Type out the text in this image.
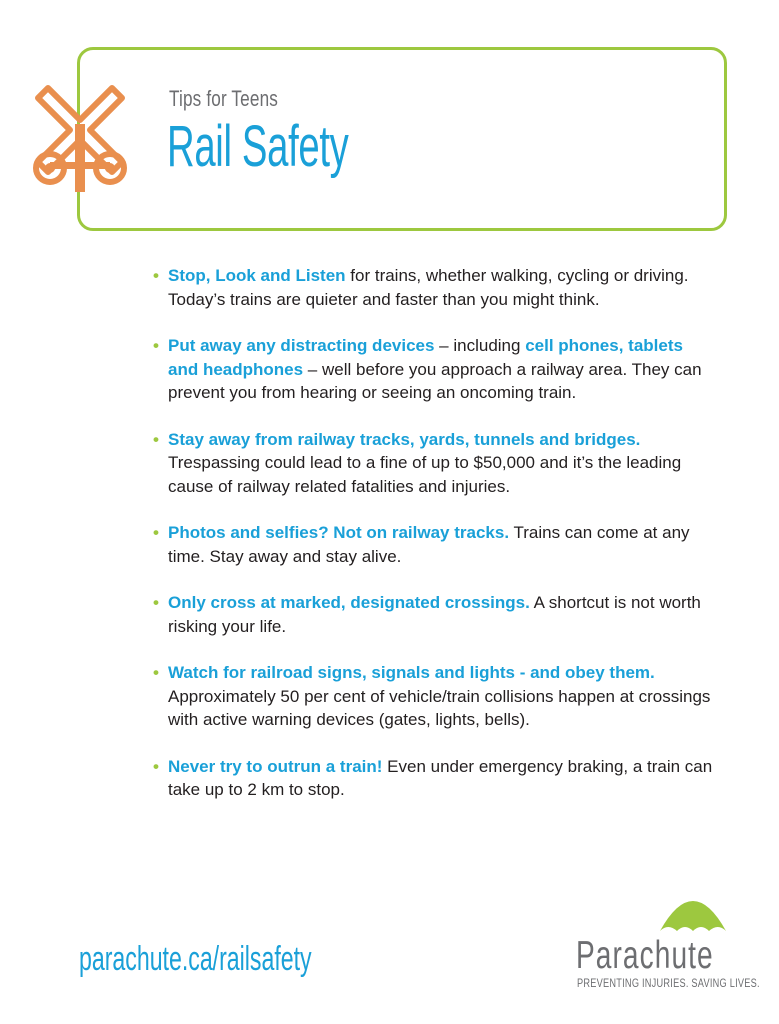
Tips for Teens
Rail Safety
• Stop, Look and Listen for trains, whether walking, cycling or driving. Today’s trains are quieter and faster than you might think.
• Put away any distracting devices – including cell phones, tablets and headphones – well before you approach a railway area. They can prevent you from hearing or seeing an oncoming train.
• Stay away from railway tracks, yards, tunnels and bridges. Trespassing could lead to a fine of up to $50,000 and it’s the leading cause of railway related fatalities and injuries.
• Photos and selfies? Not on railway tracks. Trains can come at any time. Stay away and stay alive.
• Only cross at marked, designated crossings. A shortcut is not worth risking your life.
• Watch for railroad signs, signals and lights - and obey them. Approximately 50 per cent of vehicle/train collisions happen at crossings with active warning devices (gates, lights, bells).
• Never try to outrun a train! Even under emergency braking, a train can take up to 2 km to stop.
parachute.ca/railsafety	Parachute
PREVENTING INJURIES. SAVING LIVES.
